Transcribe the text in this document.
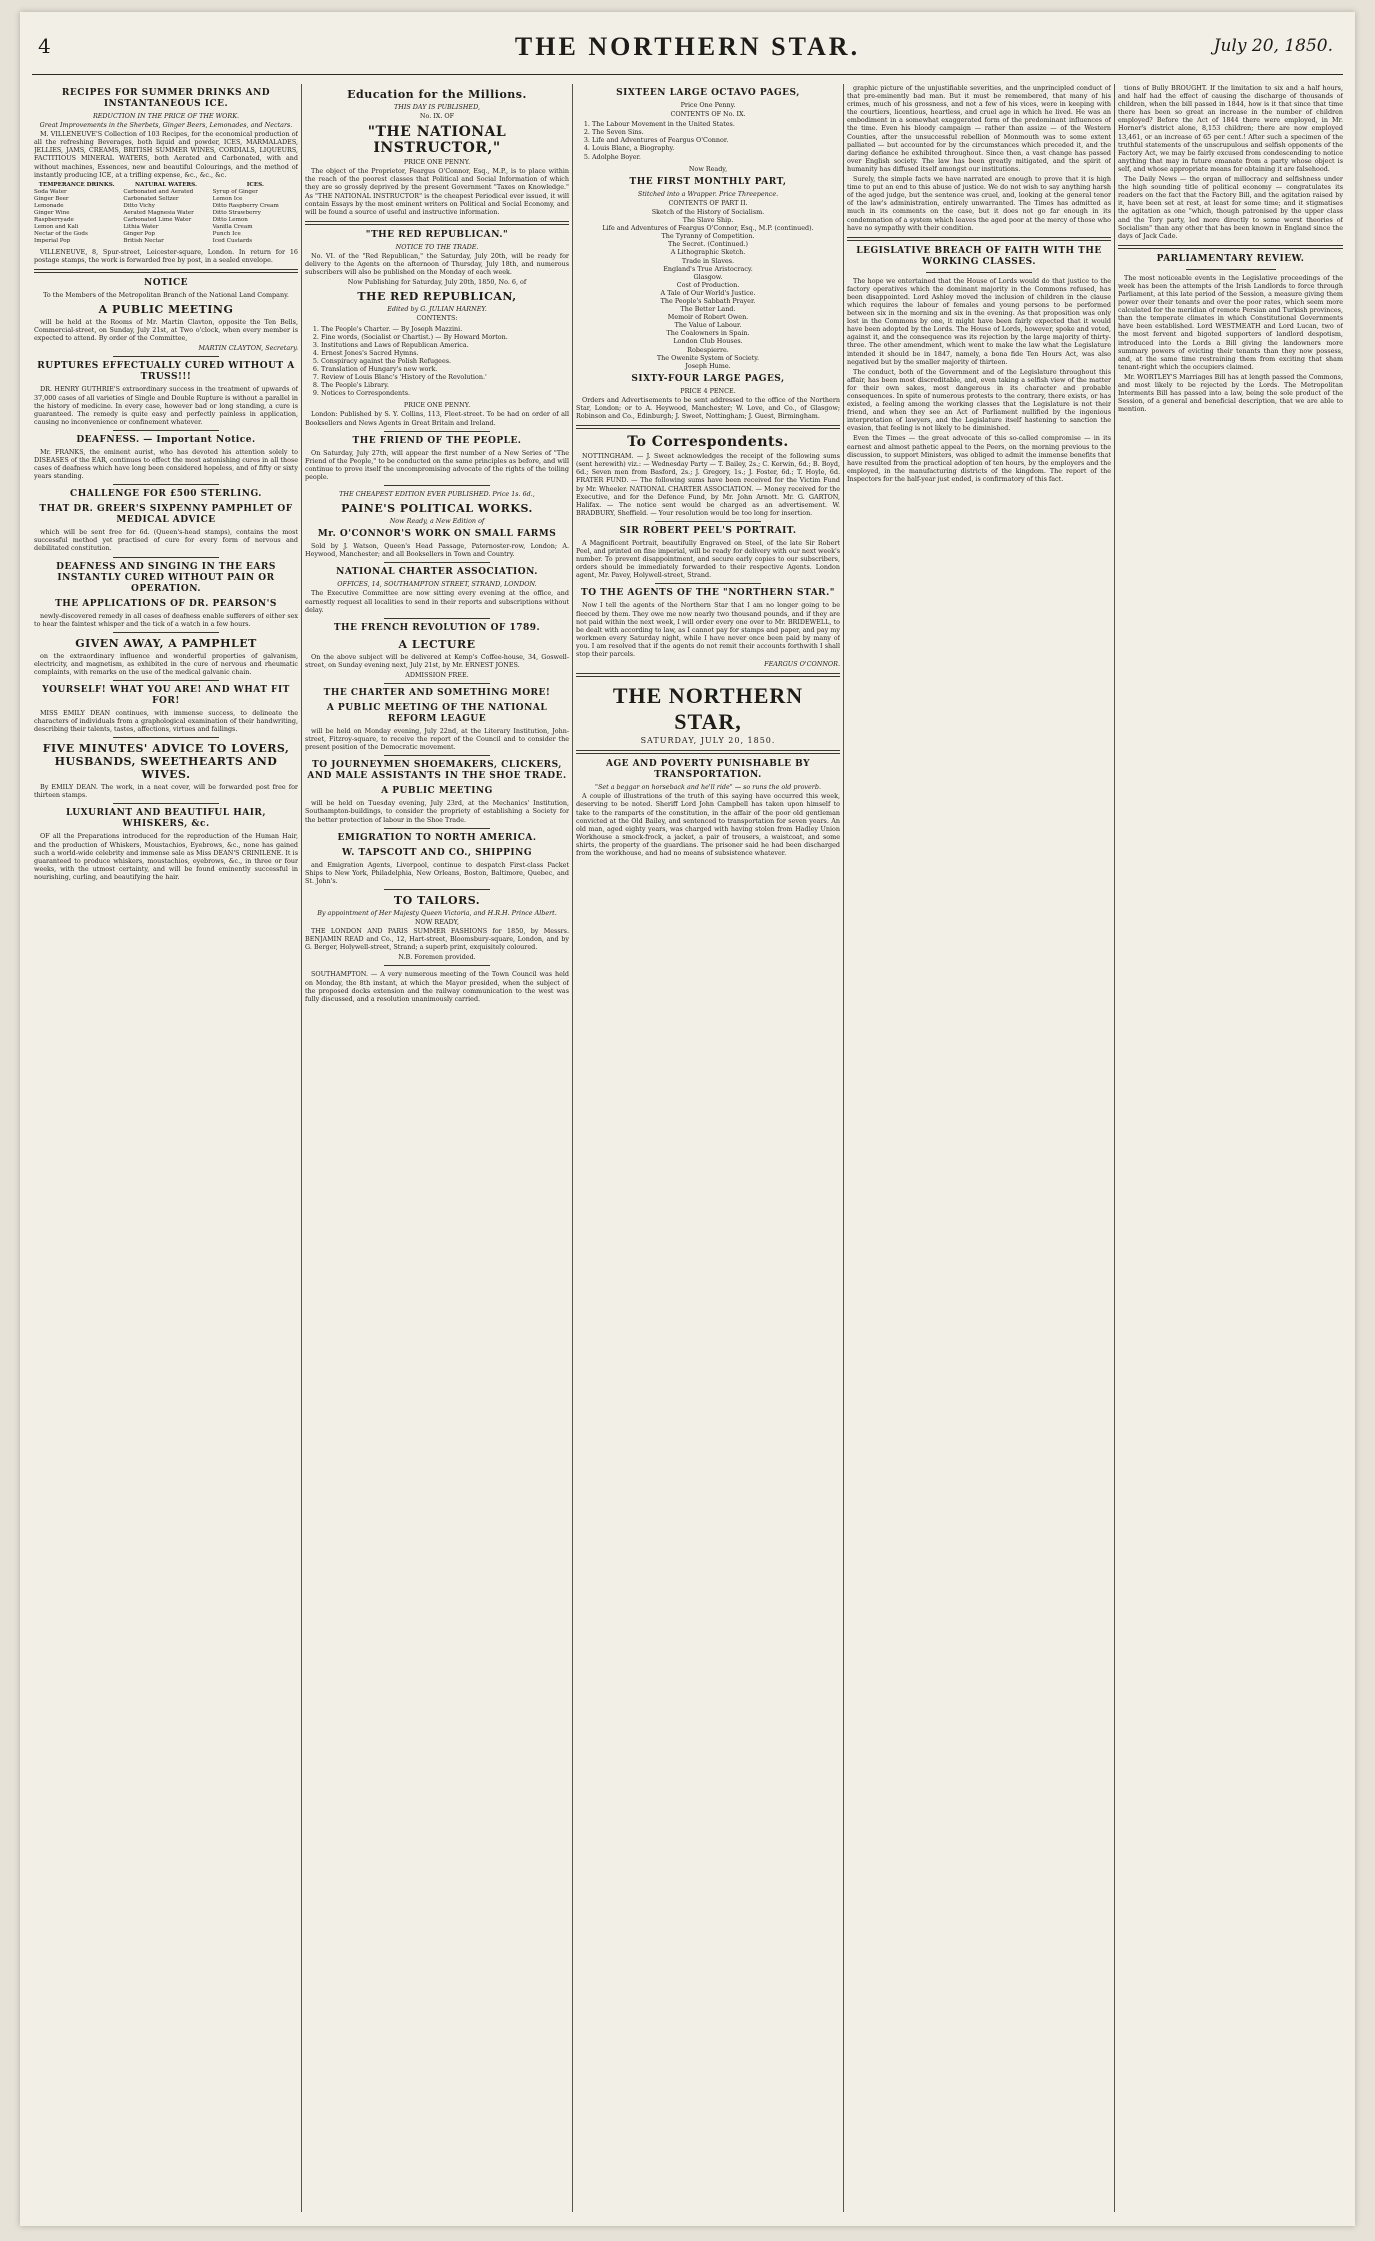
4	THE NORTHERN STAR.	July 20, 1850.
RECIPES FOR SUMMER DRINKS AND INSTANTANEOUS ICE.
REDUCTION IN THE PRICE OF THE WORK.
Great Improvements in the Sherbets, Ginger Beers, Lemonades, and Nectars.

M. VILLENEUVE'S Collection of 103 Recipes, for the economical production of all the refreshing Beverages, both liquid and powder, ICES, MARMALADES, JELLIES, JAMS, CREAMS, BRITISH SUMMER WINES, CORDIALS, LIQUEURS, FACTITIOUS MINERAL WATERS, both Aerated and Carbonated, with and without machines, Essences, new and beautiful Colourings, and the method of instantly producing ICE, at a trifling expense, &c., &c., &c.

TEMPERANCE DRINKS.	NATURAL WATERS.	ICES.
Soda Water	Carbonated and Aerated	Syrup of Ginger
Ginger Beer	Carbonated Seltzer	Lemon Ice
Lemonade	Ditto Vichy	Ditto Raspberry Cream
Ginger Wine	Aerated Magnesia Water	Ditto Strawberry
Raspberryade	Carbonated Lime Water	Ditto Lemon
Lemon and Kali	Lithia Water	Vanilla Cream
Nectar of the Gods	Ginger Pop	Punch Ice
Imperial Pop	British Nectar	Iced Custards

VILLENEUVE, 8, Spur-street, Leicester-square, London. In return for 16 postage stamps, the work is forwarded free by post, in a sealed envelope.

NOTICE
To the Members of the Metropolitan Branch of the National Land Company.
A PUBLIC MEETING

will be held at the Rooms of Mr. Martin Clavton, opposite the Ten Bells, Commercial-street, on Sunday, July 21st, at Two o'clock, when every member is expected to attend. By order of the Committee,

MARTIN CLAYTON, Secretary.
RUPTURES EFFECTUALLY CURED WITHOUT A TRUSS!!!

DR. HENRY GUTHRIE'S extraordinary success in the treatment of upwards of 37,000 cases of all varieties of Single and Double Rupture is without a parallel in the history of medicine. In every case, however bad or long standing, a cure is guaranteed. The remedy is quite easy and perfectly painless in application, causing no inconvenience or confinement whatever.

DEAFNESS. — Important Notice.

Mr. FRANKS, the eminent aurist, who has devoted his attention solely to DISEASES of the EAR, continues to effect the most astonishing cures in all those cases of deafness which have long been considered hopeless, and of fifty or sixty years standing.

CHALLENGE FOR £500 STERLING.
THAT DR. GREER'S SIXPENNY PAMPHLET OF MEDICAL ADVICE

which will be sent free for 6d. (Queen's-head stamps), contains the most successful method yet practised of cure for every form of nervous and debilitated constitution.

DEAFNESS AND SINGING IN THE EARS INSTANTLY CURED WITHOUT PAIN OR OPERATION.
THE APPLICATIONS OF DR. PEARSON'S

newly-discovered remedy in all cases of deafness enable sufferers of either sex to hear the faintest whisper and the tick of a watch in a few hours.

GIVEN AWAY, A PAMPHLET

on the extraordinary influence and wonderful properties of galvanism, electricity, and magnetism, as exhibited in the cure of nervous and rheumatic complaints, with remarks on the use of the medical galvanic chain.

YOURSELF! WHAT YOU ARE! AND WHAT FIT FOR!

MISS EMILY DEAN continues, with immense success, to delineate the characters of individuals from a graphological examination of their handwriting, describing their talents, tastes, affections, virtues and failings.

FIVE MINUTES' ADVICE TO LOVERS, HUSBANDS, SWEETHEARTS AND WIVES.

By EMILY DEAN. The work, in a neat cover, will be forwarded post free for thirteen stamps.

LUXURIANT AND BEAUTIFUL HAIR, WHISKERS, &c.

OF all the Preparations introduced for the reproduction of the Human Hair, and the production of Whiskers, Moustachios, Eyebrows, &c., none has gained such a world-wide celebrity and immense sale as Miss DEAN'S CRINILENE. It is guaranteed to produce whiskers, moustachios, eyebrows, &c., in three or four weeks, with the utmost certainty, and will be found eminently successful in nourishing, curling, and beautifying the hair.

Education for the Millions.
THIS DAY IS PUBLISHED,
No. IX. OF
"THE NATIONAL INSTRUCTOR,"
PRICE ONE PENNY.

The object of the Proprietor, Feargus O'Connor, Esq., M.P., is to place within the reach of the poorest classes that Political and Social Information of which they are so grossly deprived by the present Government "Taxes on Knowledge." As "THE NATIONAL INSTRUCTOR" is the cheapest Periodical ever issued, it will contain Essays by the most eminent writers on Political and Social Economy, and will be found a source of useful and instructive information.

"THE RED REPUBLICAN."
NOTICE TO THE TRADE.

No. VI. of the "Red Republican," the Saturday, July 20th, will be ready for delivery to the Agents on the afternoon of Thursday, July 18th, and numerous subscribers will also be published on the Monday of each week.

Now Publishing for Saturday, July 20th, 1850, No. 6, of
THE RED REPUBLICAN,
Edited by G. JULIAN HARNEY.
CONTENTS:
1. The People's Charter. — By Joseph Mazzini.
2. Fine words, (Socialist or Chartist.) — By Howard Morton.
3. Institutions and Laws of Republican America.
4. Ernest Jones's Sacred Hymns.
5. Conspiracy against the Polish Refugees.
6. Translation of Hungary's new work.
7. Review of Louis Blanc's 'History of the Revolution.'
8. The People's Library.
9. Notices to Correspondents.
PRICE ONE PENNY.

London: Published by S. Y. Collins, 113, Fleet-street. To be had on order of all Booksellers and News Agents in Great Britain and Ireland.

THE FRIEND OF THE PEOPLE.

On Saturday, July 27th, will appear the first number of a New Series of "The Friend of the People," to be conducted on the same principles as before, and will continue to prove itself the uncompromising advocate of the rights of the toiling people.

THE CHEAPEST EDITION EVER PUBLISHED. Price 1s. 6d.,
PAINE'S POLITICAL WORKS.
Now Ready, a New Edition of
Mr. O'CONNOR'S WORK ON SMALL FARMS

Sold by J. Watson, Queen's Head Passage, Paternoster-row, London; A. Heywood, Manchester; and all Booksellers in Town and Country.

NATIONAL CHARTER ASSOCIATION.
OFFICES, 14, SOUTHAMPTON STREET, STRAND, LONDON.

The Executive Committee are now sitting every evening at the office, and earnestly request all localities to send in their reports and subscriptions without delay.

THE FRENCH REVOLUTION OF 1789.
A LECTURE

On the above subject will be delivered at Kemp's Coffee-house, 34, Goswell-street, on Sunday evening next, July 21st, by Mr. ERNEST JONES.

ADMISSION FREE.
THE CHARTER AND SOMETHING MORE!
A PUBLIC MEETING OF THE NATIONAL REFORM LEAGUE

will be held on Monday evening, July 22nd, at the Literary Institution, John-street, Fitzroy-square, to receive the report of the Council and to consider the present position of the Democratic movement.

TO JOURNEYMEN SHOEMAKERS, CLICKERS, AND MALE ASSISTANTS IN THE SHOE TRADE.
A PUBLIC MEETING

will be held on Tuesday evening, July 23rd, at the Mechanics' Institution, Southampton-buildings, to consider the propriety of establishing a Society for the better protection of labour in the Shoe Trade.

EMIGRATION TO NORTH AMERICA.
W. TAPSCOTT AND CO., SHIPPING

and Emigration Agents, Liverpool, continue to despatch First-class Packet Ships to New York, Philadelphia, New Orleans, Boston, Baltimore, Quebec, and St. John's.

TO TAILORS.
By appointment of Her Majesty Queen Victoria, and H.R.H. Prince Albert.
NOW READY,

THE LONDON AND PARIS SUMMER FASHIONS for 1850, by Messrs. BENJAMIN READ and Co., 12, Hart-street, Bloomsbury-square, London, and by G. Berger, Holywell-street, Strand; a superb print, exquisitely coloured.

N.B. Foremen provided.

SOUTHAMPTON. — A very numerous meeting of the Town Council was held on Monday, the 8th instant, at which the Mayor presided, when the subject of the proposed docks extension and the railway communication to the west was fully discussed, and a resolution unanimously carried.

SIXTEEN LARGE OCTAVO PAGES,
Price One Penny.
CONTENTS OF No. IX.
1. The Labour Movement in the United States.
2. The Seven Sins.
3. Life and Adventures of Feargus O'Connor.
4. Louis Blanc, a Biography.
5. Adolphe Boyer.
Now Ready,
THE FIRST MONTHLY PART,
Stitched into a Wrapper. Price Threepence.
CONTENTS OF PART II.
Sketch of the History of Socialism.
The Slave Ship.
Life and Adventures of Feargus O'Connor, Esq., M.P. (continued).
The Tyranny of Competition.
The Secret. (Continued.)
A Lithographic Sketch.
Trade in Slaves.
England's True Aristocracy.
Glasgow.
Cost of Production.
A Tale of Our World's Justice.
The People's Sabbath Prayer.
The Better Land.
Memoir of Robert Owen.
The Value of Labour.
The Coalowners in Spain.
London Club Houses.
Robespierre.
The Owenite System of Society.
Joseph Hume.
SIXTY-FOUR LARGE PAGES,
PRICE 4 PENCE.

Orders and Advertisements to be sent addressed to the office of the Northern Star, London; or to A. Heywood, Manchester; W. Love, and Co., of Glasgow; Robinson and Co., Edinburgh; J. Sweet, Nottingham; J. Guest, Birmingham.

To Correspondents.

NOTTINGHAM. — J. Sweet acknowledges the receipt of the following sums (sent herewith) viz.: — Wednesday Party — T. Bailey, 2s.; C. Kerwin, 6d.; B. Boyd, 6d.; Seven men from Basford, 2s.; J. Gregory, 1s.; J. Foster, 6d.; T. Hoyle, 6d. FRATER FUND. — The following sums have been received for the Victim Fund by Mr. Wheeler. NATIONAL CHARTER ASSOCIATION. — Money received for the Executive, and for the Defence Fund, by Mr. John Arnott. Mr. G. GARTON, Halifax. — The notice sent would be charged as an advertisement. W. BRADBURY, Sheffield. — Your resolution would be too long for insertion.

SIR ROBERT PEEL'S PORTRAIT.

A Magnificent Portrait, beautifully Engraved on Steel, of the late Sir Robert Peel, and printed on fine imperial, will be ready for delivery with our next week's number. To prevent disappointment, and secure early copies to our subscribers, orders should be immediately forwarded to their respective Agents. London agent, Mr. Pavey, Holywell-street, Strand.

TO THE AGENTS OF THE "NORTHERN STAR."

Now I tell the agents of the Northern Star that I am no longer going to be fleeced by them. They owe me now nearly two thousand pounds, and if they are not paid within the next week, I will order every one over to Mr. BRIDEWELL, to be dealt with according to law, as I cannot pay for stamps and paper, and pay my workmen every Saturday night, while I have never once been paid by many of you. I am resolved that if the agents do not remit their accounts forthwith I shall stop their parcels.

FEARGUS O'CONNOR.
THE NORTHERN STAR,
SATURDAY, JULY 20, 1850.
AGE AND POVERTY PUNISHABLE BY TRANSPORTATION.
"Set a beggar on horseback and he'll ride" — so runs the old proverb.

A couple of illustrations of the truth of this saying have occurred this week, deserving to be noted. Sheriff Lord John Campbell has taken upon himself to take to the ramparts of the constitution, in the affair of the poor old gentleman convicted at the Old Bailey, and sentenced to transportation for seven years. An old man, aged eighty years, was charged with having stolen from Hadley Union Workhouse a smock-frock, a jacket, a pair of trousers, a waistcoat, and some shirts, the property of the guardians. The prisoner said he had been discharged from the workhouse, and had no means of subsistence whatever.

graphic picture of the unjustifiable severities, and the unprincipled conduct of that pre-eminently bad man. But it must be remembered, that many of his crimes, much of his grossness, and not a few of his vices, were in keeping with the courtiers, licentious, heartless, and cruel age in which he lived. He was an embodiment in a somewhat exaggerated form of the predominant influences of the time. Even his bloody campaign — rather than assize — of the Western Counties, after the unsuccessful rebellion of Monmouth was to some extent palliated — but accounted for by the circumstances which preceded it, and the daring defiance he exhibited throughout. Since then, a vast change has passed over English society. The law has been greatly mitigated, and the spirit of humanity has diffused itself amongst our institutions.

Surely, the simple facts we have narrated are enough to prove that it is high time to put an end to this abuse of justice. We do not wish to say anything harsh of the aged judge, but the sentence was cruel, and, looking at the general tenor of the law's administration, entirely unwarranted. The Times has admitted as much in its comments on the case, but it does not go far enough in its condemnation of a system which leaves the aged poor at the mercy of those who have no sympathy with their condition.

LEGISLATIVE BREACH OF FAITH WITH THE WORKING CLASSES.

The hope we entertained that the House of Lords would do that justice to the factory operatives which the dominant majority in the Commons refused, has been disappointed. Lord Ashley moved the inclusion of children in the clause which requires the labour of females and young persons to be performed between six in the morning and six in the evening. As that proposition was only lost in the Commons by one, it might have been fairly expected that it would have been adopted by the Lords. The House of Lords, however, spoke and voted, against it, and the consequence was its rejection by the large majority of thirty-three. The other amendment, which went to make the law what the Legislature intended it should be in 1847, namely, a bona fide Ten Hours Act, was also negatived but by the smaller majority of thirteen.

The conduct, both of the Government and of the Legislature throughout this affair, has been most discreditable, and, even taking a selfish view of the matter for their own sakes, most dangerous in its character and probable consequences. In spite of numerous protests to the contrary, there exists, or has existed, a feeling among the working classes that the Legislature is not their friend, and when they see an Act of Parliament nullified by the ingenious interpretation of lawyers, and the Legislature itself hastening to sanction the evasion, that feeling is not likely to be diminished.

Even the Times — the great advocate of this so-called compromise — in its earnest and almost pathetic appeal to the Peers, on the morning previous to the discussion, to support Ministers, was obliged to admit the immense benefits that have resulted from the practical adoption of ten hours, by the employers and the employed, in the manufacturing districts of the kingdom. The report of the Inspectors for the half-year just ended, is confirmatory of this fact.

tions of Bully BROUGHT. If the limitation to six and a half hours, and half had the effect of causing the discharge of thousands of children, when the bill passed in 1844, how is it that since that time there has been so great an increase in the number of children employed? Before the Act of 1844 there were employed, in Mr. Horner's district alone, 8,153 children; there are now employed 13,461, or an increase of 65 per cent.! After such a specimen of the truthful statements of the unscrupulous and selfish opponents of the Factory Act, we may be fairly excused from condescending to notice anything that may in future emanate from a party whose object is self, and whose appropriate means for obtaining it are falsehood.

The Daily News — the organ of millocracy and selfishness under the high sounding title of political economy — congratulates its readers on the fact that the Factory Bill, and the agitation raised by it, have been set at rest, at least for some time; and it stigmatises the agitation as one "which, though patronised by the upper class and the Tory party, led more directly to some worst theories of Socialism" than any other that has been known in England since the days of Jack Cade.

PARLIAMENTARY REVIEW.

The most noticeable events in the Legislative proceedings of the week has been the attempts of the Irish Landlords to force through Parliament, at this late period of the Session, a measure giving them power over their tenants and over the poor rates, which seem more calculated for the meridian of remote Persian and Turkish provinces, than the temperate climates in which Constitutional Governments have been established. Lord WESTMEATH and Lord Lucan, two of the most fervent and bigoted supporters of landlord despotism, introduced into the Lords a Bill giving the landowners more summary powers of evicting their tenants than they now possess, and, at the same time restraining them from exciting that sham tenant-right which the occupiers claimed.

Mr. WORTLEY'S Marriages Bill has at length passed the Commons, and most likely to be rejected by the Lords. The Metropolitan Interments Bill has passed into a law, being the sole product of the Session, of a general and beneficial description, that we are able to mention.
